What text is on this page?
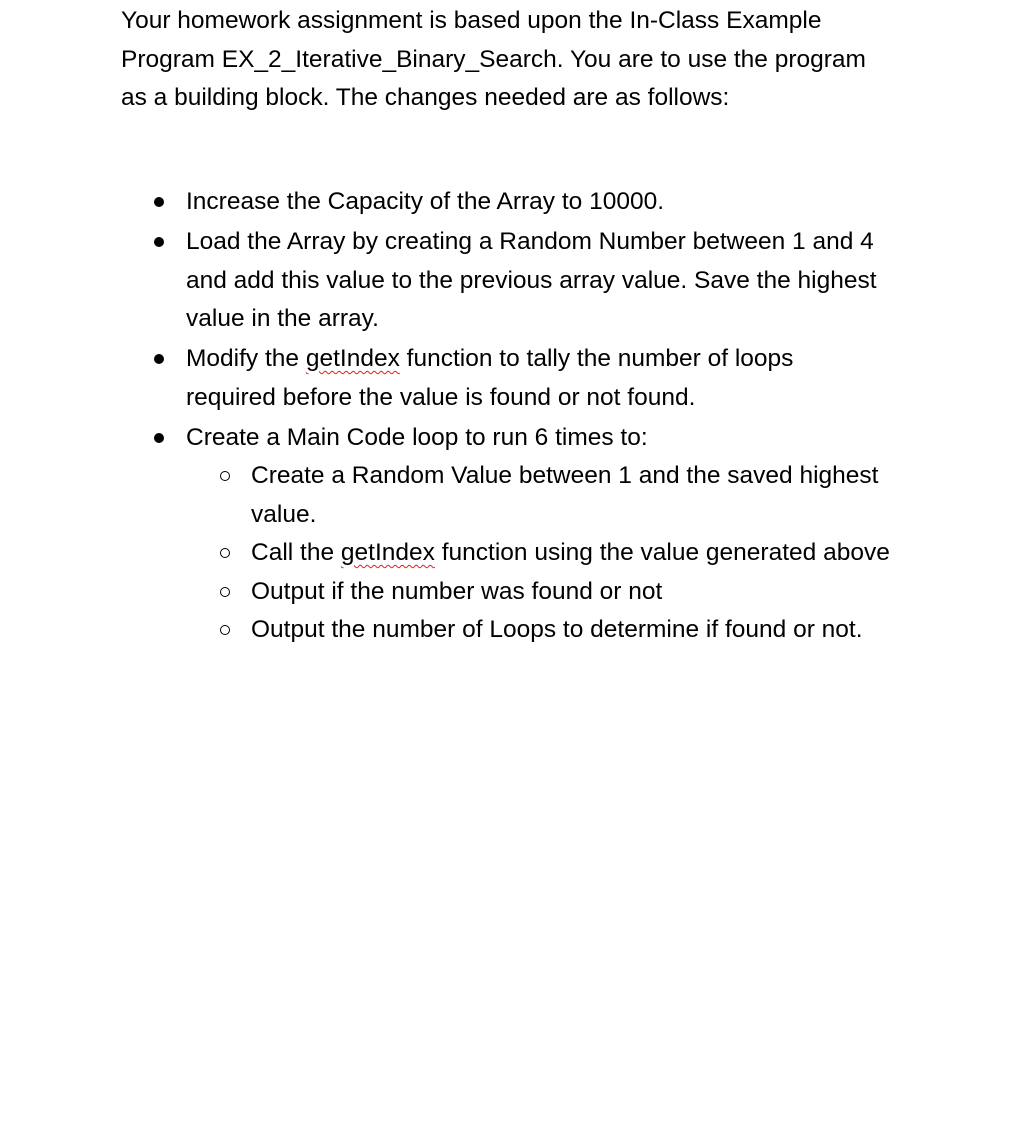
Your homework assignment is based upon the In-Class Example
Program EX_2_Iterative_Binary_Search. You are to use the program
as a building block. The changes needed are as follows:

Increase the Capacity of the Array to 10000.
Load the Array by creating a Random Number between 1 and 4
and add this value to the previous array value. Save the highest
value in the array.
Modify the getIndex function to tally the number of loops
required before the value is found or not found.
Create a Main Code loop to run 6 times to:
Create a Random Value between 1 and the saved highest
value.
Call the getIndex function using the value generated above
Output if the number was found or not
Output the number of Loops to determine if found or not.
